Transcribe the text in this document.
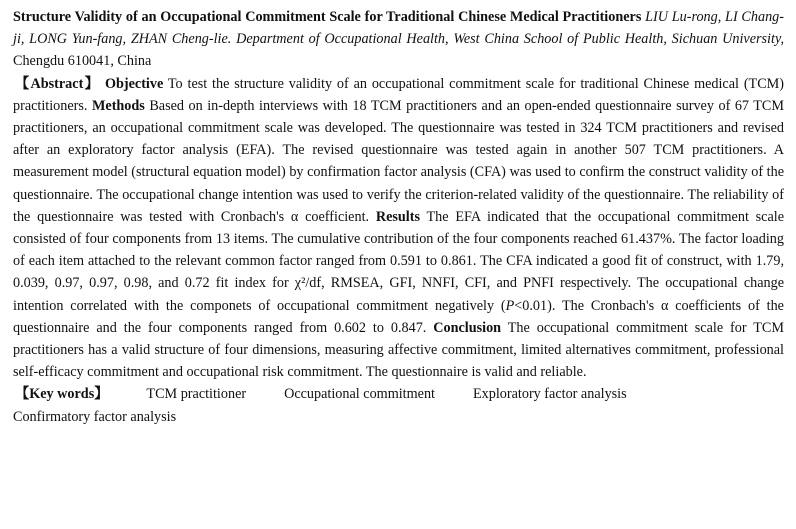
Structure Validity of an Occupational Commitment Scale for Traditional Chinese Medical Practitioners LIU Lu-rong, LI Chang-ji, LONG Yun-fang, ZHAN Cheng-lie. Department of Occupational Health, West China School of Public Health, Sichuan University, Chengdu 610041, China

【Abstract】 Objective To test the structure validity of an occupational commitment scale for traditional Chinese medical (TCM) practitioners. Methods Based on in-depth interviews with 18 TCM practitioners and an open-ended questionnaire survey of 67 TCM practitioners, an occupational commitment scale was developed. The questionnaire was tested in 324 TCM practitioners and revised after an exploratory factor analysis (EFA). The revised questionnaire was tested again in another 507 TCM practitioners. A measurement model (structural equation model) by confirmation factor analysis (CFA) was used to confirm the construct validity of the questionnaire. The occupational change intention was used to verify the criterion-related validity of the questionnaire. The reliability of the questionnaire was tested with Cronbach's α coefficient. Results The EFA indicated that the occupational commitment scale consisted of four components from 13 items. The cumulative contribution of the four components reached 61.437%. The factor loading of each item attached to the relevant common factor ranged from 0.591 to 0.861. The CFA indicated a good fit of construct, with 1.79, 0.039, 0.97, 0.97, 0.98, and 0.72 fit index for χ²/df, RMSEA, GFI, NNFI, CFI, and PNFI respectively. The occupational change intention correlated with the componets of occupational commitment negatively (P<0.01). The Cronbach's α coefficients of the questionnaire and the four components ranged from 0.602 to 0.847. Conclusion The occupational commitment scale for TCM practitioners has a valid structure of four dimensions, measuring affective commitment, limited alternatives commitment, professional self-efficacy commitment and occupational risk commitment. The questionnaire is valid and reliable.

【Key words】	TCM practitioner	Occupational commitment	Exploratory factor analysis

Confirmatory factor analysis
